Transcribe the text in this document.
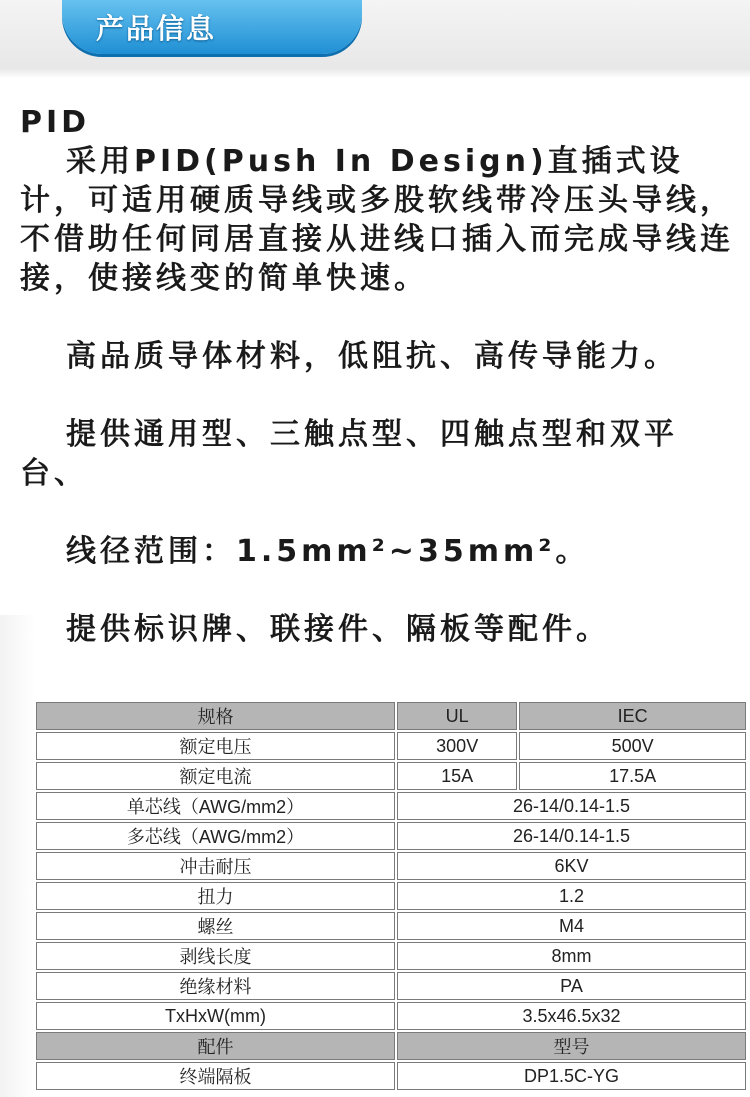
产品信息

PID

采用PID(Push In Design)直插式设计，可适用硬质导线或多股软线带冷压头导线，不借助任何同居直接从进线口插入而完成导线连接，使接线变的简单快速。

高品质导体材料，低阻抗、高传导能力。

提供通用型、三触点型、四触点型和双平台、

线径范围：1.5mm²~35mm²。

提供标识牌、联接件、隔板等配件。

规格	UL	IEC
额定电压	300V	500V
额定电流	15A	17.5A
单芯线（AWG/mm2）	26-14/0.14-1.5	
多芯线（AWG/mm2）	26-14/0.14-1.5	
冲击耐压	6KV	
扭力	1.2	
螺丝	M4	
剥线长度	8mm	
绝缘材料	PA	
TxHxW(mm)	3.5x46.5x32	
配件	型号	
终端隔板	DP1.5C-YG	
